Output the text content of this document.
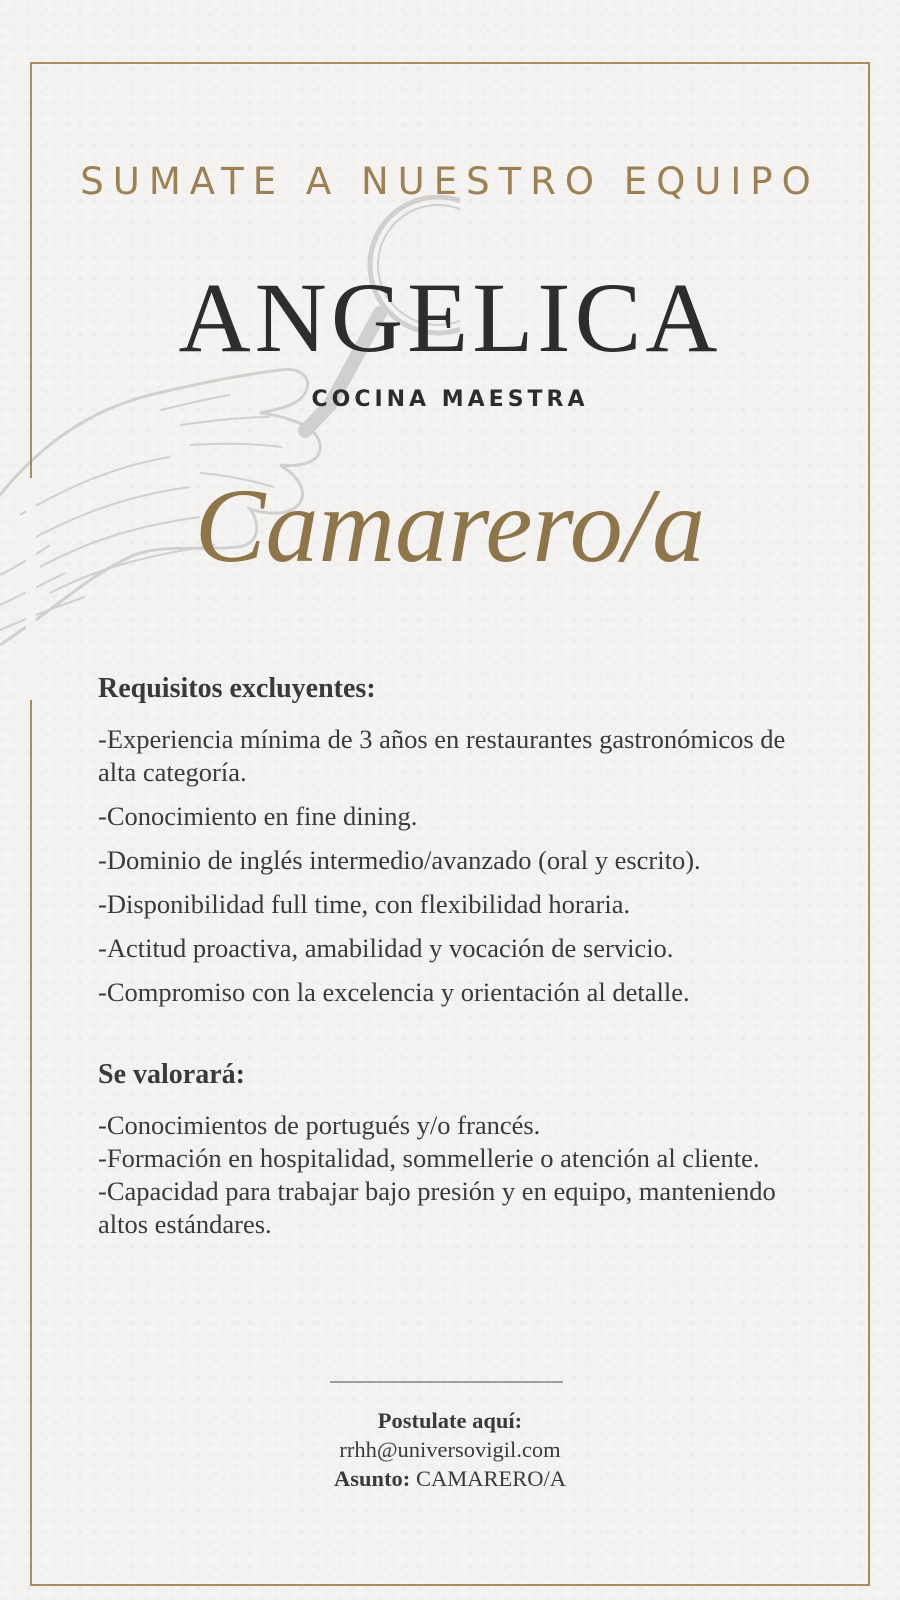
SUMATE A NUESTRO EQUIPO
ANGELICA
COCINA MAESTRA
Camarero/a
Requisitos excluyentes:
-Experiencia mínima de 3 años en restaurantes gastronómicos de alta categoría.
-Conocimiento en fine dining.
-Dominio de inglés intermedio/avanzado (oral y escrito).
-Disponibilidad full time, con flexibilidad horaria.
-Actitud proactiva, amabilidad y vocación de servicio.
-Compromiso con la excelencia y orientación al detalle.
Se valorará:
-Conocimientos de portugués y/o francés.
-Formación en hospitalidad, sommellerie o atención al cliente.
-Capacidad para trabajar bajo presión y en equipo, manteniendo altos estándares.
Postulate aquí:
rrhh@universovigil.com
Asunto: CAMARERO/A
